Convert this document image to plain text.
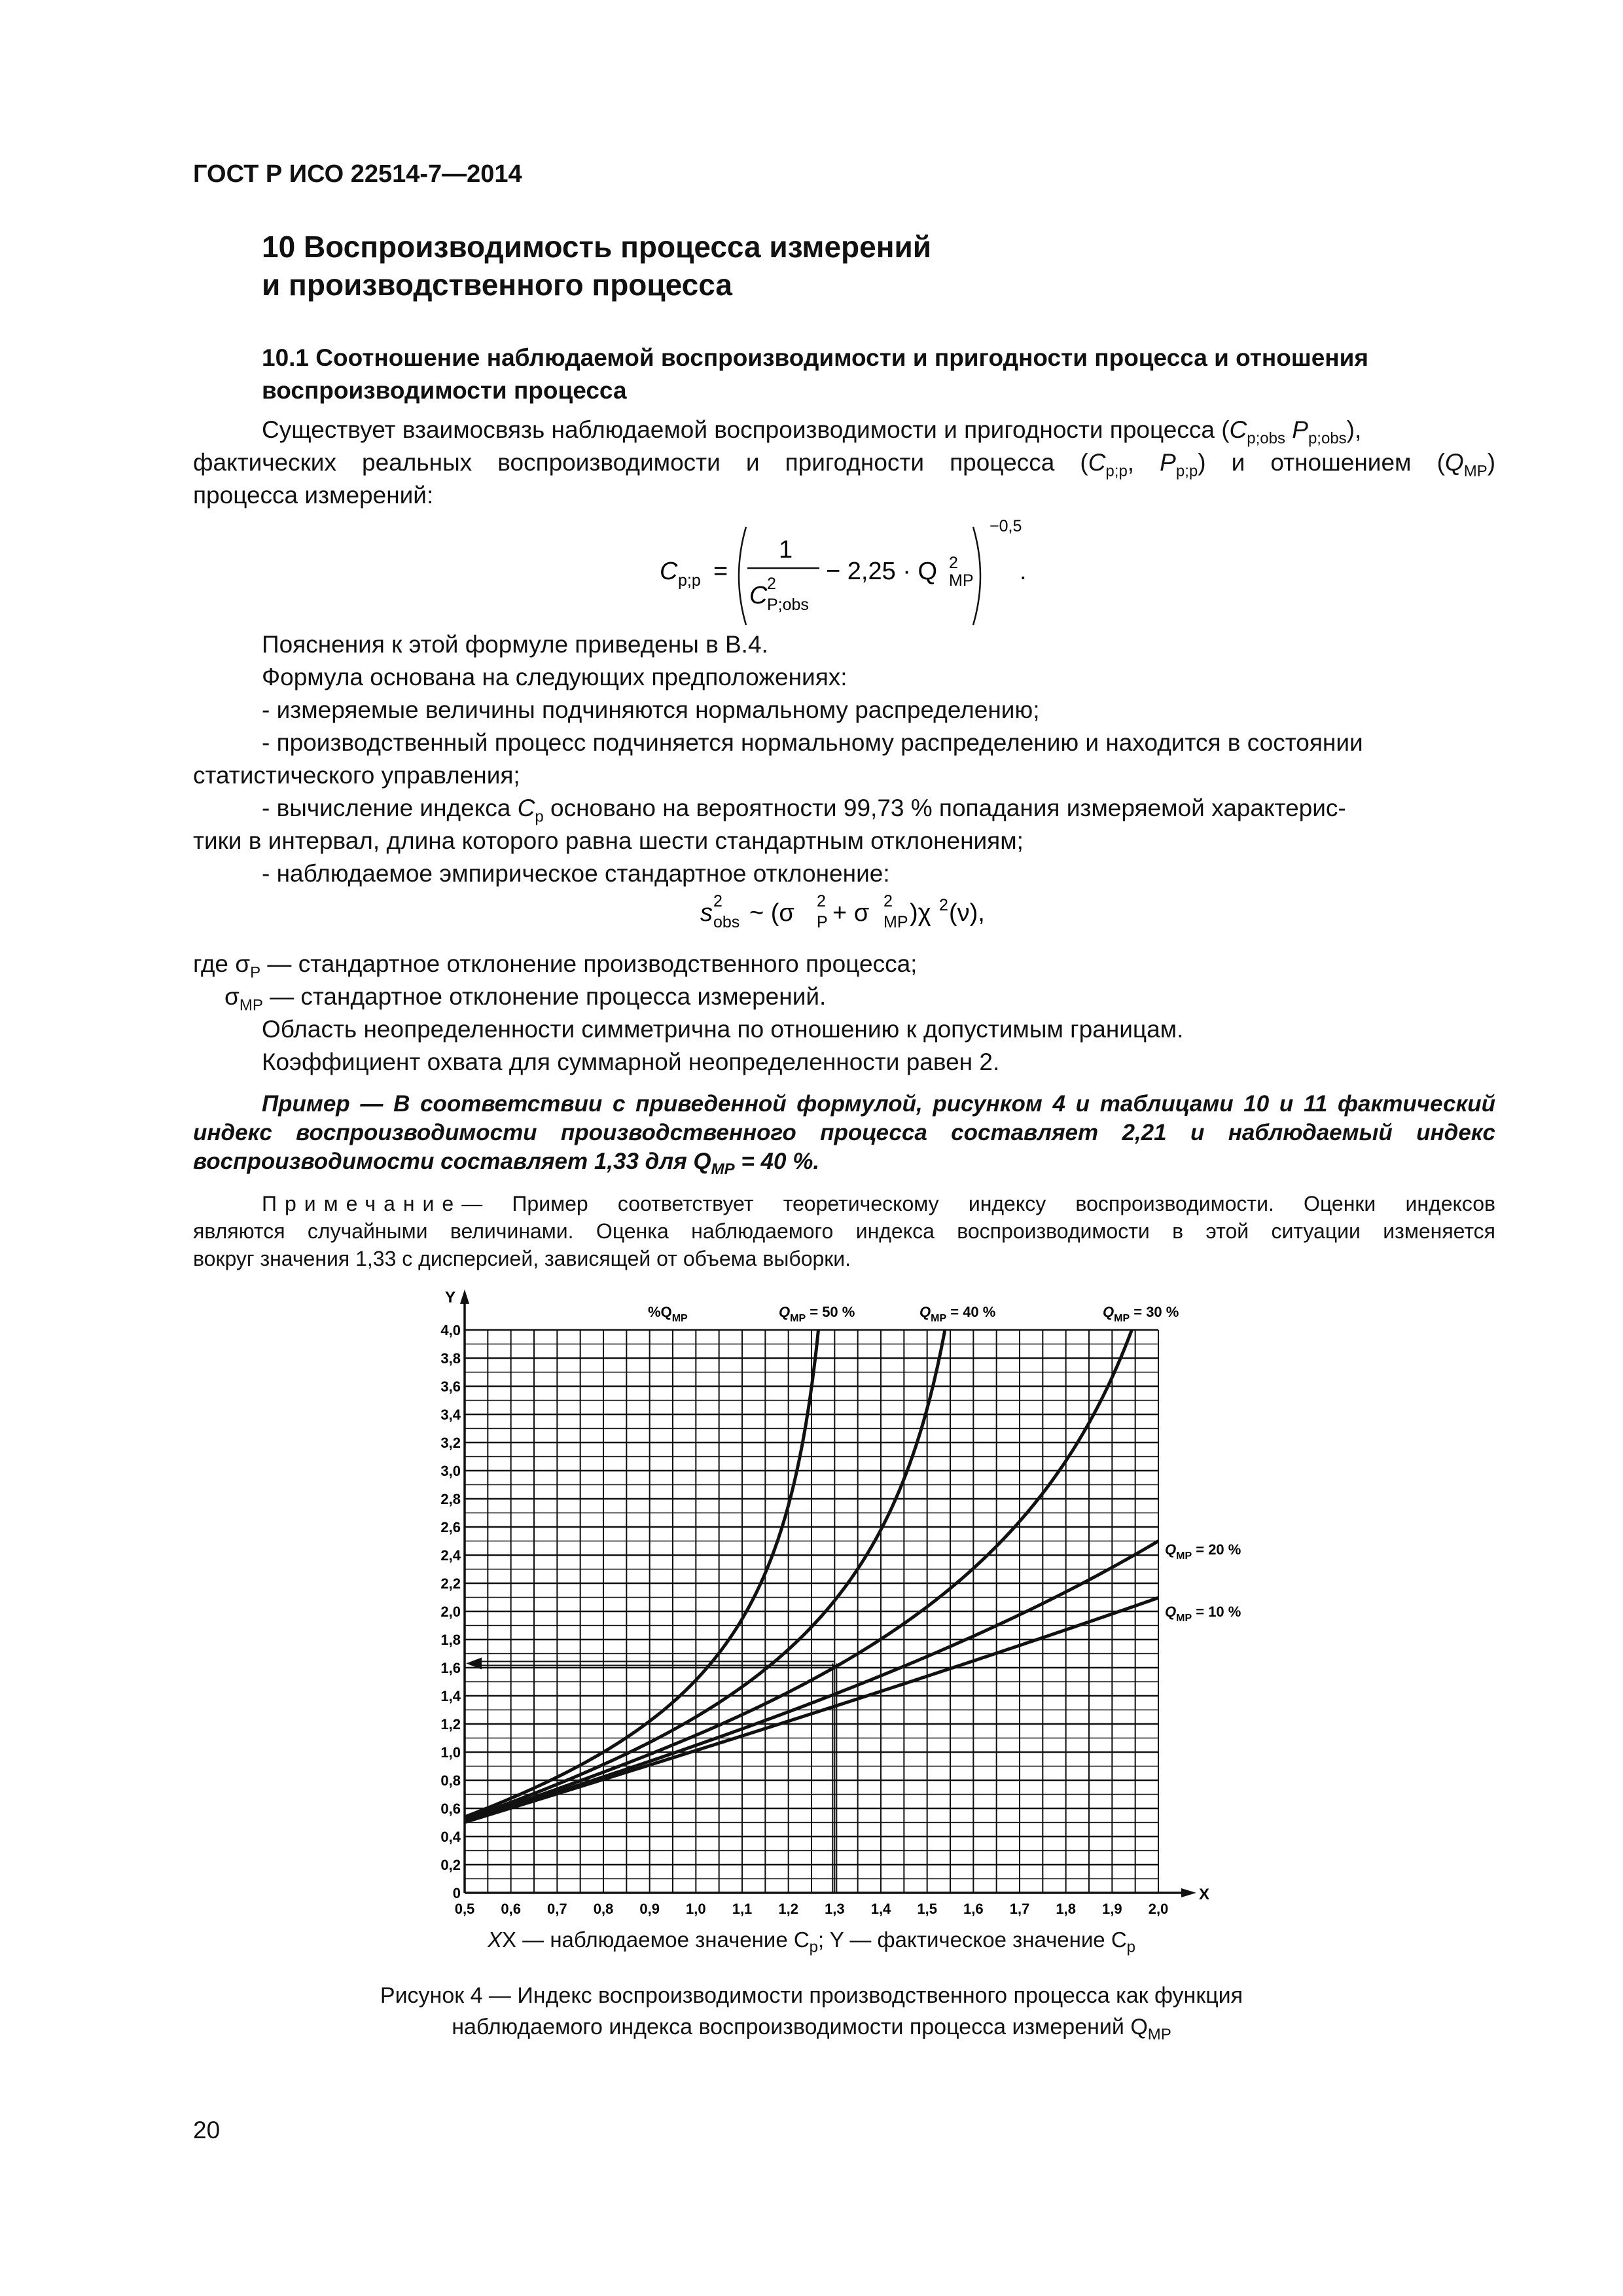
ГОСТ Р ИСО 22514-7—2014
10 Воспроизводимость процесса измерений
и производственного процесса
10.1 Соотношение наблюдаемой воспроизводимости и пригодности процесса и отношения
воспроизводимости процесса
Существует взаимосвязь наблюдаемой воспроизводимости и пригодности процесса ($C_{p;obs}$ $P_{p;obs}$),
фактических реальных воспроизводимости и пригодности процесса ($C_{p;p}$, $P_{p;p}$) и отношением $(Q_{MP})$
процесса измерений:
C p;p =
1
C 2
P;obs
− 2,25 · Q 2
MP
−0,5
.
Пояснения к этой формуле приведены в В.4.
Формула основана на следующих предположениях:
- измеряемые величины подчиняются нормальному распределению;
- производственный процесс подчиняется нормальному распределению и находится в состоянии
статистического управления;
- вычисление индекса $C_p$ основано на вероятности 99,73 % попадания измеряемой характерис-
тики в интервал, длина которого равна шести стандартным отклонениям;
- наблюдаемое эмпирическое стандартное отклонение:
s 2
obs ~ (σ 2
P + σ 2
MP )χ 2 (ν),
где $\sigma_P$ — стандартное отклонение производственного процесса;
$\sigma_{MP}$ — стандартное отклонение процесса измерений.
Область неопределенности симметрична по отношению к допустимым границам.
Коэффициент охвата для суммарной неопределенности равен 2.
Пример — В соответствии с приведенной формулой, рисунком 4 и таблицами 10 и 11 фактический
индекс воспроизводимости производственного процесса составляет 2,21 и наблюдаемый индекс
воспроизводимости составляет 1,33 для $Q_{MP} = 40$ %.
Примечание— Пример соответствует теоретическому индексу воспроизводимости. Оценки индексов
являются случайными величинами. Оценка наблюдаемого индекса воспроизводимости в этой ситуации изменяется
вокруг значения 1,33 с дисперсией, зависящей от объема выборки.
Y
X
0
0,2
0,4
0,6
0,8
1,0
1,2
1,4
1,6
1,8
2,0
2,2
2,4
2,6
2,8
3,0
3,2
3,4
3,6
3,8
4,0
0,5 0,6 0,7 0,8 0,9 1,0 1,1 1,2 1,3 1,4 1,5 1,6 1,7 1,8 1,9 2,0
$\%Q_{MP}$
$Q_{MP} = 10$ %
$Q_{MP} = 20$ %
$Q_{MP} = 30$ %
$Q_{MP} = 40$ %
$Q_{MP} = 50$ %
XX — наблюдаемое значение $C_p$; Y — фактическое значение $C_p$
Рисунок 4 — Индекс воспроизводимости производственного процесса как функция
наблюдаемого индекса воспроизводимости процесса измерений $Q_{MP}$
20
